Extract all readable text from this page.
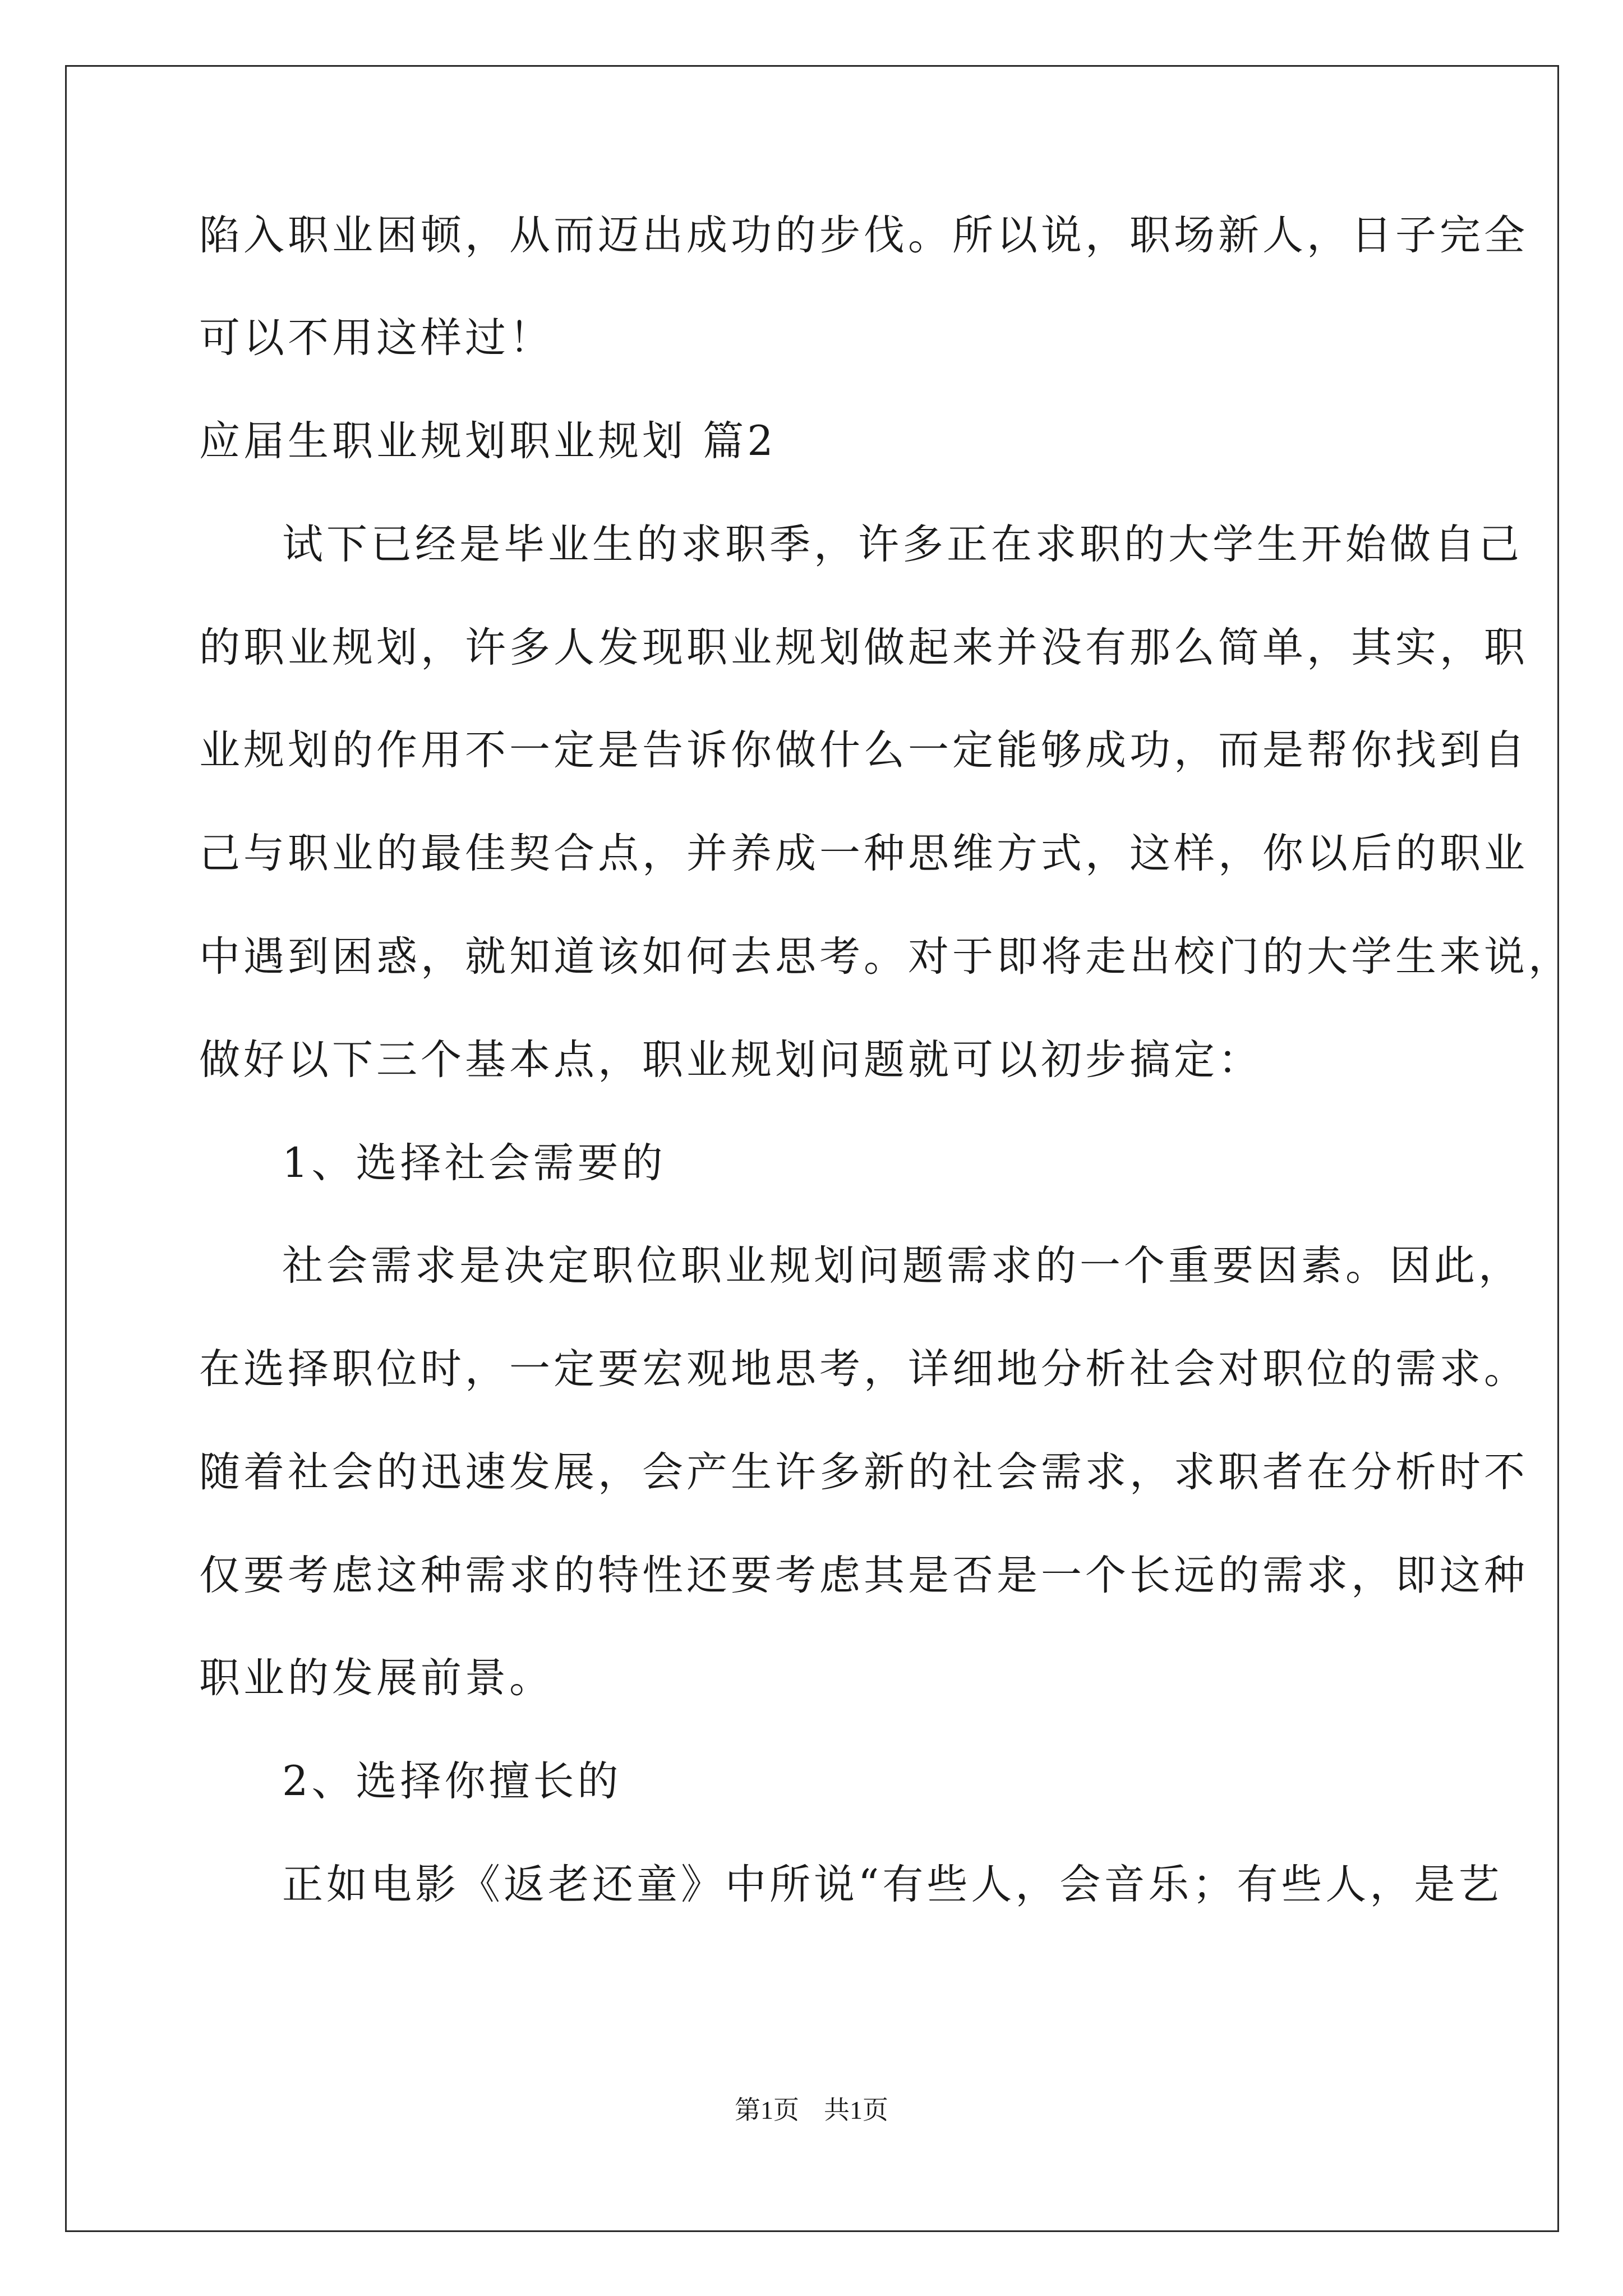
陷入职业困顿，从而迈出成功的步伐。所以说，职场新人，日子完全
可以不用这样过！
应届生职业规划职业规划 篇2
试下已经是毕业生的求职季，许多正在求职的大学生开始做自己
的职业规划，许多人发现职业规划做起来并没有那么简单，其实，职
业规划的作用不一定是告诉你做什么一定能够成功，而是帮你找到自
己与职业的最佳契合点，并养成一种思维方式，这样，你以后的职业
中遇到困惑，就知道该如何去思考。对于即将走出校门的大学生来说，
做好以下三个基本点，职业规划问题就可以初步搞定：
1、选择社会需要的
社会需求是决定职位职业规划问题需求的一个重要因素。因此，
在选择职位时，一定要宏观地思考，详细地分析社会对职位的需求。
随着社会的迅速发展，会产生许多新的社会需求，求职者在分析时不
仅要考虑这种需求的特性还要考虑其是否是一个长远的需求，即这种
职业的发展前景。
2、选择你擅长的
正如电影《返老还童》中所说“有些人，会音乐；有些人，是艺
第1页 共1页
